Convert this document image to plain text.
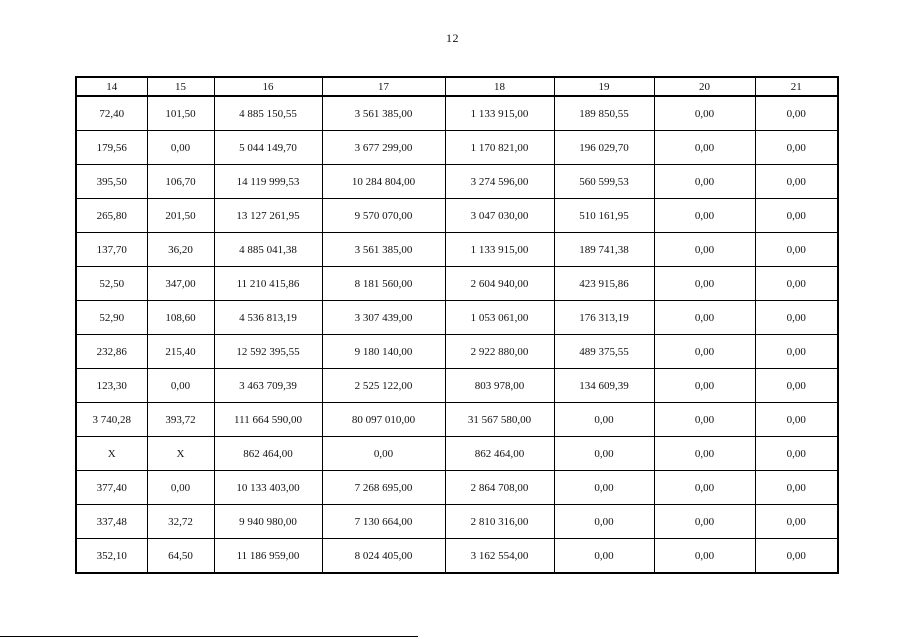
12
14	15	16	17	18	19	20	21
72,40	101,50	4 885 150,55	3 561 385,00	1 133 915,00	189 850,55	0,00	0,00
179,56	0,00	5 044 149,70	3 677 299,00	1 170 821,00	196 029,70	0,00	0,00
395,50	106,70	14 119 999,53	10 284 804,00	3 274 596,00	560 599,53	0,00	0,00
265,80	201,50	13 127 261,95	9 570 070,00	3 047 030,00	510 161,95	0,00	0,00
137,70	36,20	4 885 041,38	3 561 385,00	1 133 915,00	189 741,38	0,00	0,00
52,50	347,00	11 210 415,86	8 181 560,00	2 604 940,00	423 915,86	0,00	0,00
52,90	108,60	4 536 813,19	3 307 439,00	1 053 061,00	176 313,19	0,00	0,00
232,86	215,40	12 592 395,55	9 180 140,00	2 922 880,00	489 375,55	0,00	0,00
123,30	0,00	3 463 709,39	2 525 122,00	803 978,00	134 609,39	0,00	0,00
3 740,28	393,72	111 664 590,00	80 097 010,00	31 567 580,00	0,00	0,00	0,00
Х	Х	862 464,00	0,00	862 464,00	0,00	0,00	0,00
377,40	0,00	10 133 403,00	7 268 695,00	2 864 708,00	0,00	0,00	0,00
337,48	32,72	9 940 980,00	7 130 664,00	2 810 316,00	0,00	0,00	0,00
352,10	64,50	11 186 959,00	8 024 405,00	3 162 554,00	0,00	0,00	0,00
